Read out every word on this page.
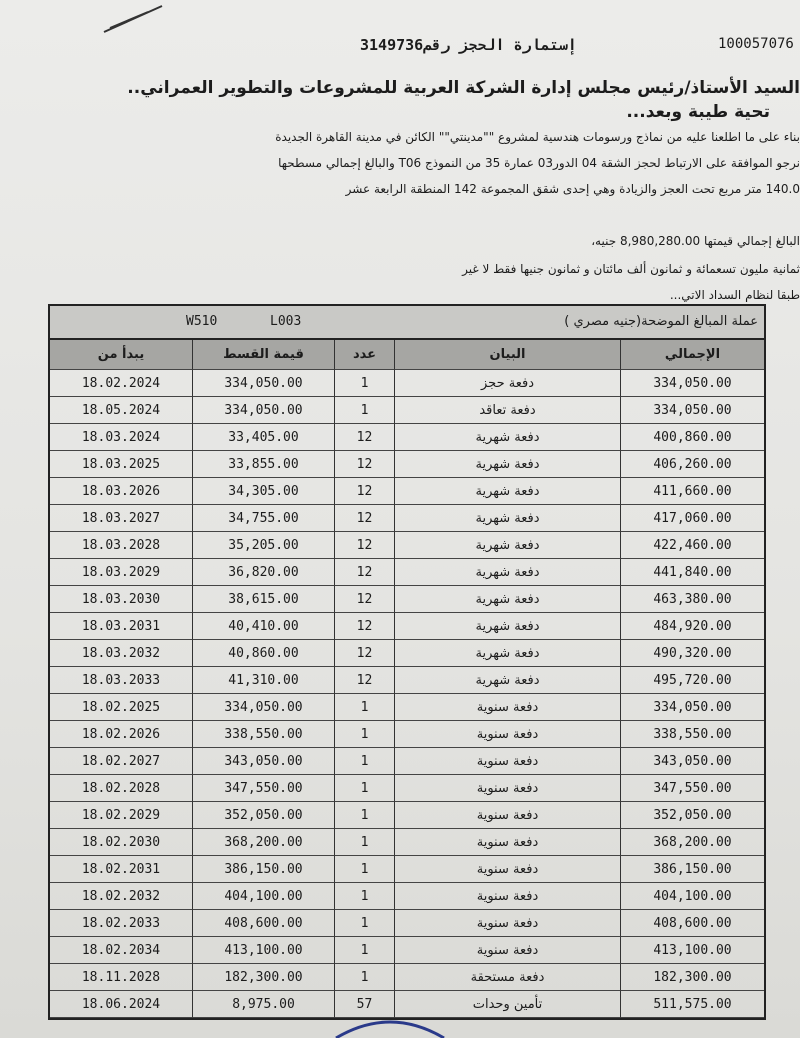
100057076
إستمارة الحجز رقم3149736
السيد الأستاذ/رئيس مجلس إدارة الشركة العربية للمشروعات والتطوير العمراني..
تحية طيبة وبعد...
بناء على ما اطلعنا عليه من نماذج ورسومات هندسية لمشروع ""مدينتي"" الكائن في مدينة القاهرة الجديدة
نرجو الموافقة على الارتباط لحجز الشقة 04 الدور03 عمارة 35 من النموذج T06 والبالغ إجمالي مسطحها
140.0 متر مربع تحت العجز والزيادة وهي إحدى شقق المجموعة 142 المنطقة الرابعة عشر
البالغ إجمالي قيمتها 8,980,280.00 جنيه،
ثمانية مليون تسعمائة و ثمانون ألف مائتان و ثمانون جنيها فقط لا غير
طبقا لنظام السداد الاتي...
W510	L003	عملة المبالغ الموضحة(جنيه مصري )
يبدأ من	قيمة القسط	عدد	البيان	الإجمالي
18.02.2024	334,050.00	1	دفعة حجز	334,050.00
18.05.2024	334,050.00	1	دفعة تعاقد	334,050.00
18.03.2024	33,405.00	12	دفعة شهرية	400,860.00
18.03.2025	33,855.00	12	دفعة شهرية	406,260.00
18.03.2026	34,305.00	12	دفعة شهرية	411,660.00
18.03.2027	34,755.00	12	دفعة شهرية	417,060.00
18.03.2028	35,205.00	12	دفعة شهرية	422,460.00
18.03.2029	36,820.00	12	دفعة شهرية	441,840.00
18.03.2030	38,615.00	12	دفعة شهرية	463,380.00
18.03.2031	40,410.00	12	دفعة شهرية	484,920.00
18.03.2032	40,860.00	12	دفعة شهرية	490,320.00
18.03.2033	41,310.00	12	دفعة شهرية	495,720.00
18.02.2025	334,050.00	1	دفعة سنوية	334,050.00
18.02.2026	338,550.00	1	دفعة سنوية	338,550.00
18.02.2027	343,050.00	1	دفعة سنوية	343,050.00
18.02.2028	347,550.00	1	دفعة سنوية	347,550.00
18.02.2029	352,050.00	1	دفعة سنوية	352,050.00
18.02.2030	368,200.00	1	دفعة سنوية	368,200.00
18.02.2031	386,150.00	1	دفعة سنوية	386,150.00
18.02.2032	404,100.00	1	دفعة سنوية	404,100.00
18.02.2033	408,600.00	1	دفعة سنوية	408,600.00
18.02.2034	413,100.00	1	دفعة سنوية	413,100.00
18.11.2028	182,300.00	1	دفعة مستحقة	182,300.00
18.06.2024	8,975.00	57	تأمين وحدات	511,575.00
